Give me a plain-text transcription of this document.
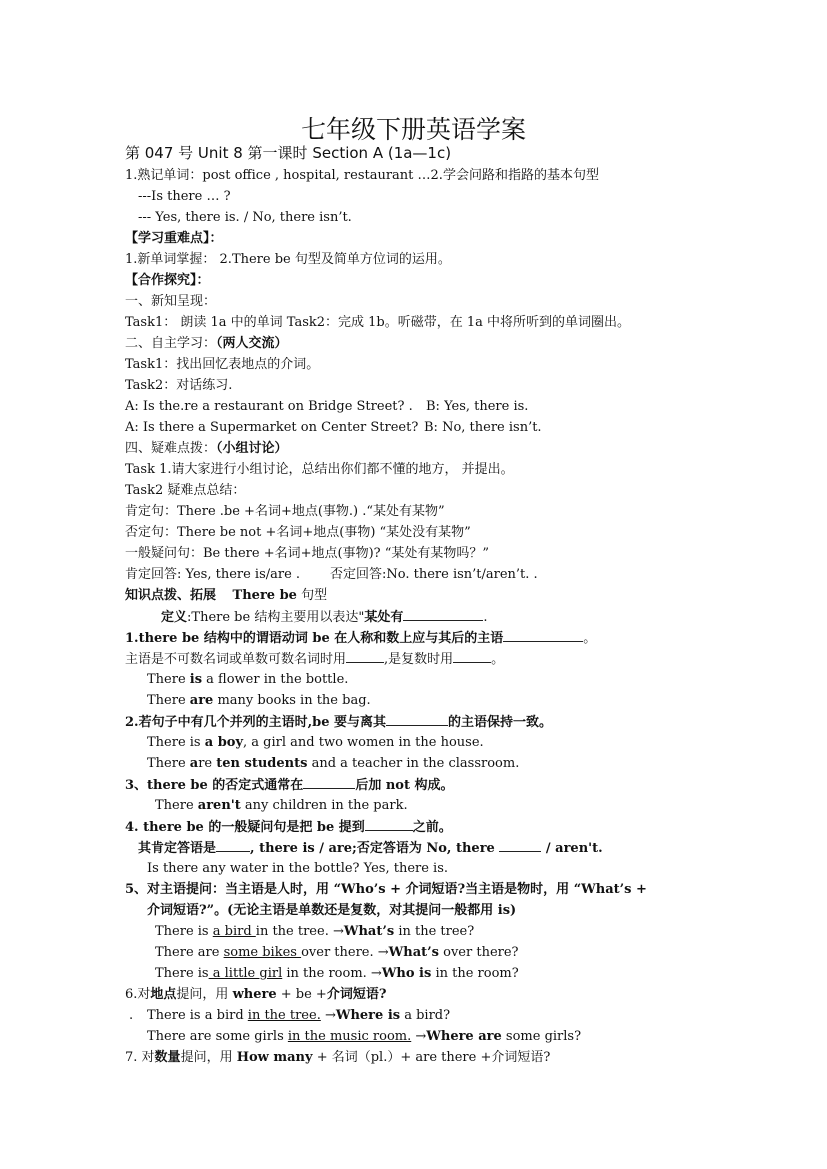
七年级下册英语学案
第 047 号 Unit 8 第一课时 Section A (1a—1c)
1.熟记单词：post office , hospital, restaurant …2.学会问路和指路的基本句型
---Is there … ?
--- Yes, there is. / No, there isn’t.
【学习重难点】：
1.新单词掌握： 2.There be 句型及简单方位词的运用。
【合作探究】：
一、新知呈现：
Task1： 朗读 1a 中的单词 Task2：完成 1b。听磁带，在 1a 中将所听到的单词圈出。
二、自主学习：（两人交流）
Task1：找出回忆表地点的介词。
Task2：对话练习.
A: Is the.re a restaurant on Bridge Street? . B: Yes, there is.
A: Is there a Supermarket on Center Street? B: No, there isn’t.
四、疑难点拨：（小组讨论）
Task 1.请大家进行小组讨论，总结出你们都不懂的地方， 并提出。
Task2 疑难点总结：
肯定句：There .be +名词+地点(事物.) .“某处有某物”
否定句：There be not +名词+地点(事物) “某处没有某物”
一般疑问句：Be there +名词+地点(事物)? “某处有某物吗？”
肯定回答: Yes, there is/are . 否定回答:No. there isn’t/aren’t. .
知识点拨、拓展 There be 句型
定义:There be 结构主要用以表达"某处有	.
1.there be 结构中的谓语动词 be 在人称和数上应与其后的主语	。
主语是不可数名词或单数可数名词时用	,是复数时用	。
There is a flower in the bottle.
There are many books in the bag.
2.若句子中有几个并列的主语时,be 要与离其	的主语保持一致。
There is a boy, a girl and two women in the house.
There are ten students and a teacher in the classroom.
3、there be 的否定式通常在	后加 not 构成。
There aren't any children in the park.
4. there be 的一般疑问句是把 be 提到	之前。
其肯定答语是	, there is / are;否定答语为 No, there	/ aren't.
Is there any water in the bottle? Yes, there is.
5、对主语提问：当主语是人时，用 “Who’s + 介词短语?当主语是物时，用 “What’s +
介词短语?”。(无论主语是单数还是复数，对其提问一般都用 is)
There is a bird in the tree. →What’s in the tree?
There are some bikes over there. →What’s over there?
There is a little girl in the room. →Who is in the room?
6.对地点提问，用 where + be +介词短语?
. There is a bird in the tree. →Where is a bird?
There are some girls in the music room. →Where are some girls?
7. 对数量提问，用 How many + 名词（pl.）+ are there +介词短语?
